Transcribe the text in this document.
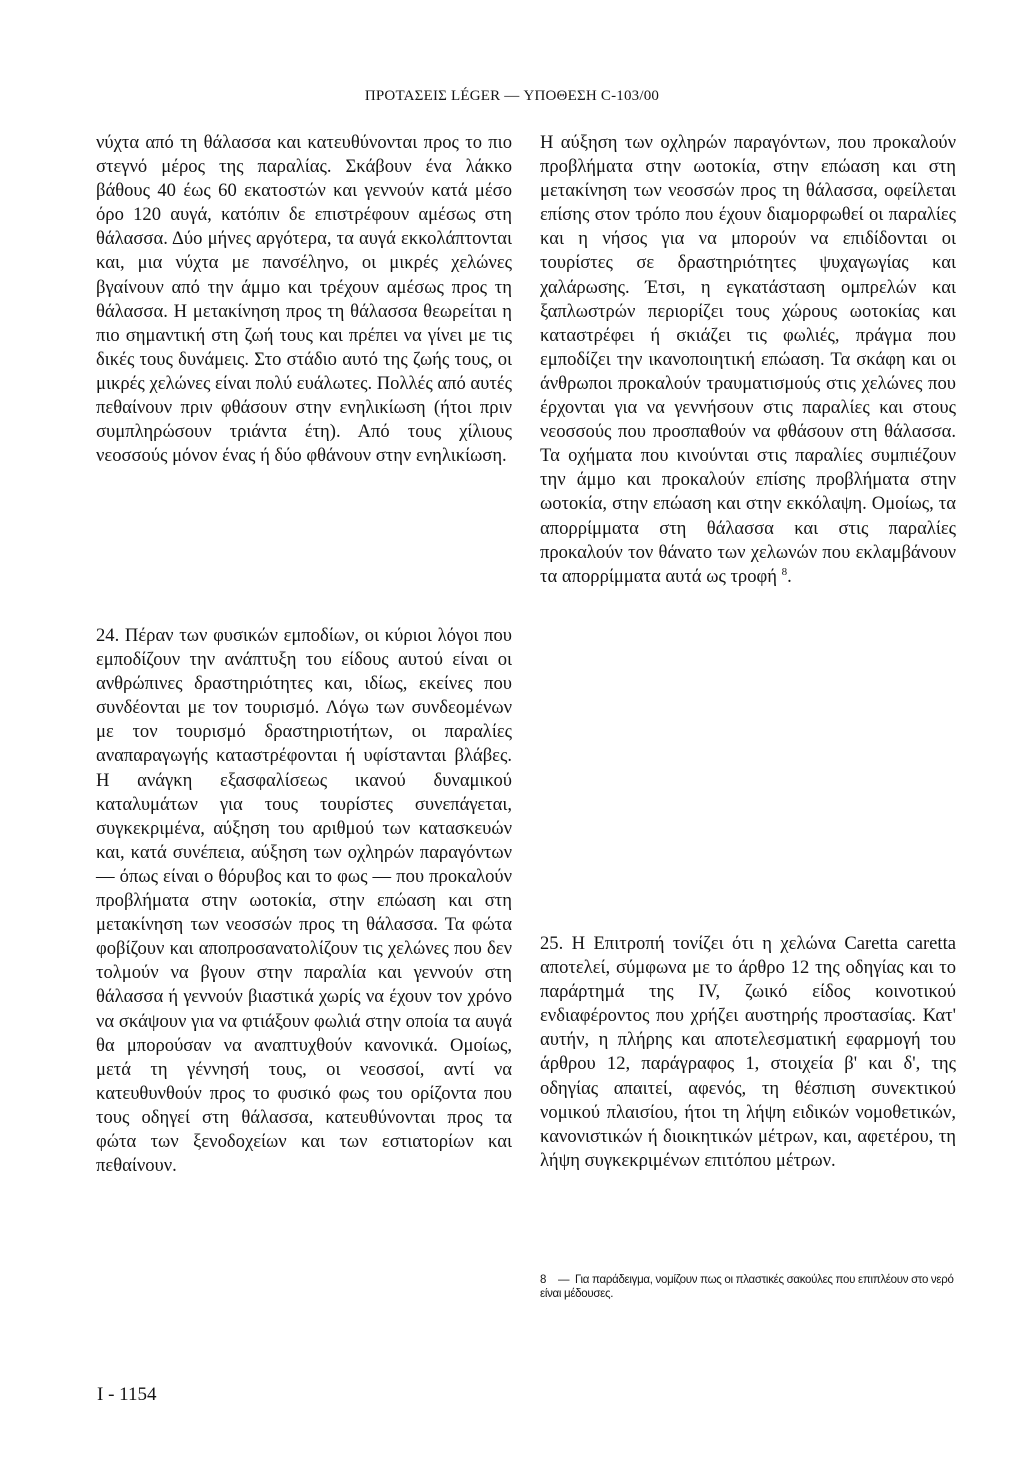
ΠΡΟΤΑΣΕΙΣ LÉGER — ΥΠΟΘΕΣΗ C-103/00

νύχτα από τη θάλασσα και κατευθύνονται προς το πιο στεγνό μέρος της παραλίας. Σκάβουν ένα λάκκο βάθους 40 έως 60 εκατοστών και γεννούν κατά μέσο όρο 120 αυγά, κατόπιν δε επιστρέφουν αμέσως στη θάλασσα. Δύο μήνες αργότερα, τα αυγά εκκολάπτονται και, μια νύχτα με πανσέληνο, οι μικρές χελώνες βγαίνουν από την άμμο και τρέχουν αμέσως προς τη θάλασσα. Η μετακίνηση προς τη θάλασσα θεωρείται η πιο σημαντική στη ζωή τους και πρέπει να γίνει με τις δικές τους δυνάμεις. Στο στάδιο αυτό της ζωής τους, οι μικρές χελώνες είναι πολύ ευάλωτες. Πολλές από αυτές πεθαίνουν πριν φθάσουν στην ενηλικίωση (ήτοι πριν συμπληρώσουν τριάντα έτη). Από τους χίλιους νεοσσούς μόνον ένας ή δύο φθάνουν στην ενηλικίωση.

24. Πέραν των φυσικών εμποδίων, οι κύριοι λόγοι που εμποδίζουν την ανάπτυξη του είδους αυτού είναι οι ανθρώπινες δραστηριότητες και, ιδίως, εκείνες που συνδέονται με τον τουρισμό. Λόγω των συνδεομένων με τον τουρισμό δραστηριοτήτων, οι παραλίες αναπαραγωγής καταστρέφονται ή υφίστανται βλάβες. Η ανάγκη εξασφαλίσεως ικανού δυναμικού καταλυμάτων για τους τουρίστες συνεπάγεται, συγκεκριμένα, αύξηση του αριθμού των κατασκευών και, κατά συνέπεια, αύξηση των οχληρών παραγόντων — όπως είναι ο θόρυβος και το φως — που προκαλούν προβλήματα στην ωοτοκία, στην επώαση και στη μετακίνηση των νεοσσών προς τη θάλασσα. Τα φώτα φοβίζουν και αποπροσανατολίζουν τις χελώνες που δεν τολμούν να βγουν στην παραλία και γεννούν στη θάλασσα ή γεννούν βιαστικά χωρίς να έχουν τον χρόνο να σκάψουν για να φτιάξουν φωλιά στην οποία τα αυγά θα μπορούσαν να αναπτυχθούν κανονικά. Ομοίως, μετά τη γέννησή τους, οι νεοσσοί, αντί να κατευθυνθούν προς το φυσικό φως του ορίζοντα που τους οδηγεί στη θάλασσα, κατευθύνονται προς τα φώτα των ξενοδοχείων και των εστιατορίων και πεθαίνουν.

Η αύξηση των οχληρών παραγόντων, που προκαλούν προβλήματα στην ωοτοκία, στην επώαση και στη μετακίνηση των νεοσσών προς τη θάλασσα, οφείλεται επίσης στον τρόπο που έχουν διαμορφωθεί οι παραλίες και η νήσος για να μπορούν να επιδίδονται οι τουρίστες σε δραστηριότητες ψυχαγωγίας και χαλάρωσης. Έτσι, η εγκατάσταση ομπρελών και ξαπλωστρών περιορίζει τους χώρους ωοτοκίας και καταστρέφει ή σκιάζει τις φωλιές, πράγμα που εμποδίζει την ικανοποιητική επώαση. Τα σκάφη και οι άνθρωποι προκαλούν τραυματισμούς στις χελώνες που έρχονται για να γεννήσουν στις παραλίες και στους νεοσσούς που προσπαθούν να φθάσουν στη θάλασσα. Τα οχήματα που κινούνται στις παραλίες συμπιέζουν την άμμο και προκαλούν επίσης προβλήματα στην ωοτοκία, στην επώαση και στην εκκόλαψη. Ομοίως, τα απορρίμματα στη θάλασσα και στις παραλίες προκαλούν τον θάνατο των χελωνών που εκλαμβάνουν τα απορρίμματα αυτά ως τροφή $^8$.

25. Η Επιτροπή τονίζει ότι η χελώνα Caretta caretta αποτελεί, σύμφωνα με το άρθρο 12 της οδηγίας και το παράρτημά της IV, ζωικό είδος κοινοτικού ενδιαφέροντος που χρήζει αυστηρής προστασίας. Κατ' αυτήν, η πλήρης και αποτελεσματική εφαρμογή του άρθρου 12, παράγραφος 1, στοιχεία β' και δ', της οδηγίας απαιτεί, αφενός, τη θέσπιση συνεκτικού νομικού πλαισίου, ήτοι τη λήψη ειδικών νομοθετικών, κανονιστικών ή διοικητικών μέτρων, και, αφετέρου, τη λήψη συγκεκριμένων επιτόπου μέτρων.

8 — Για παράδειγμα, νομίζουν πως οι πλαστικές σακούλες που επιπλέουν στο νερό είναι μέδουσες.
I - 1154
